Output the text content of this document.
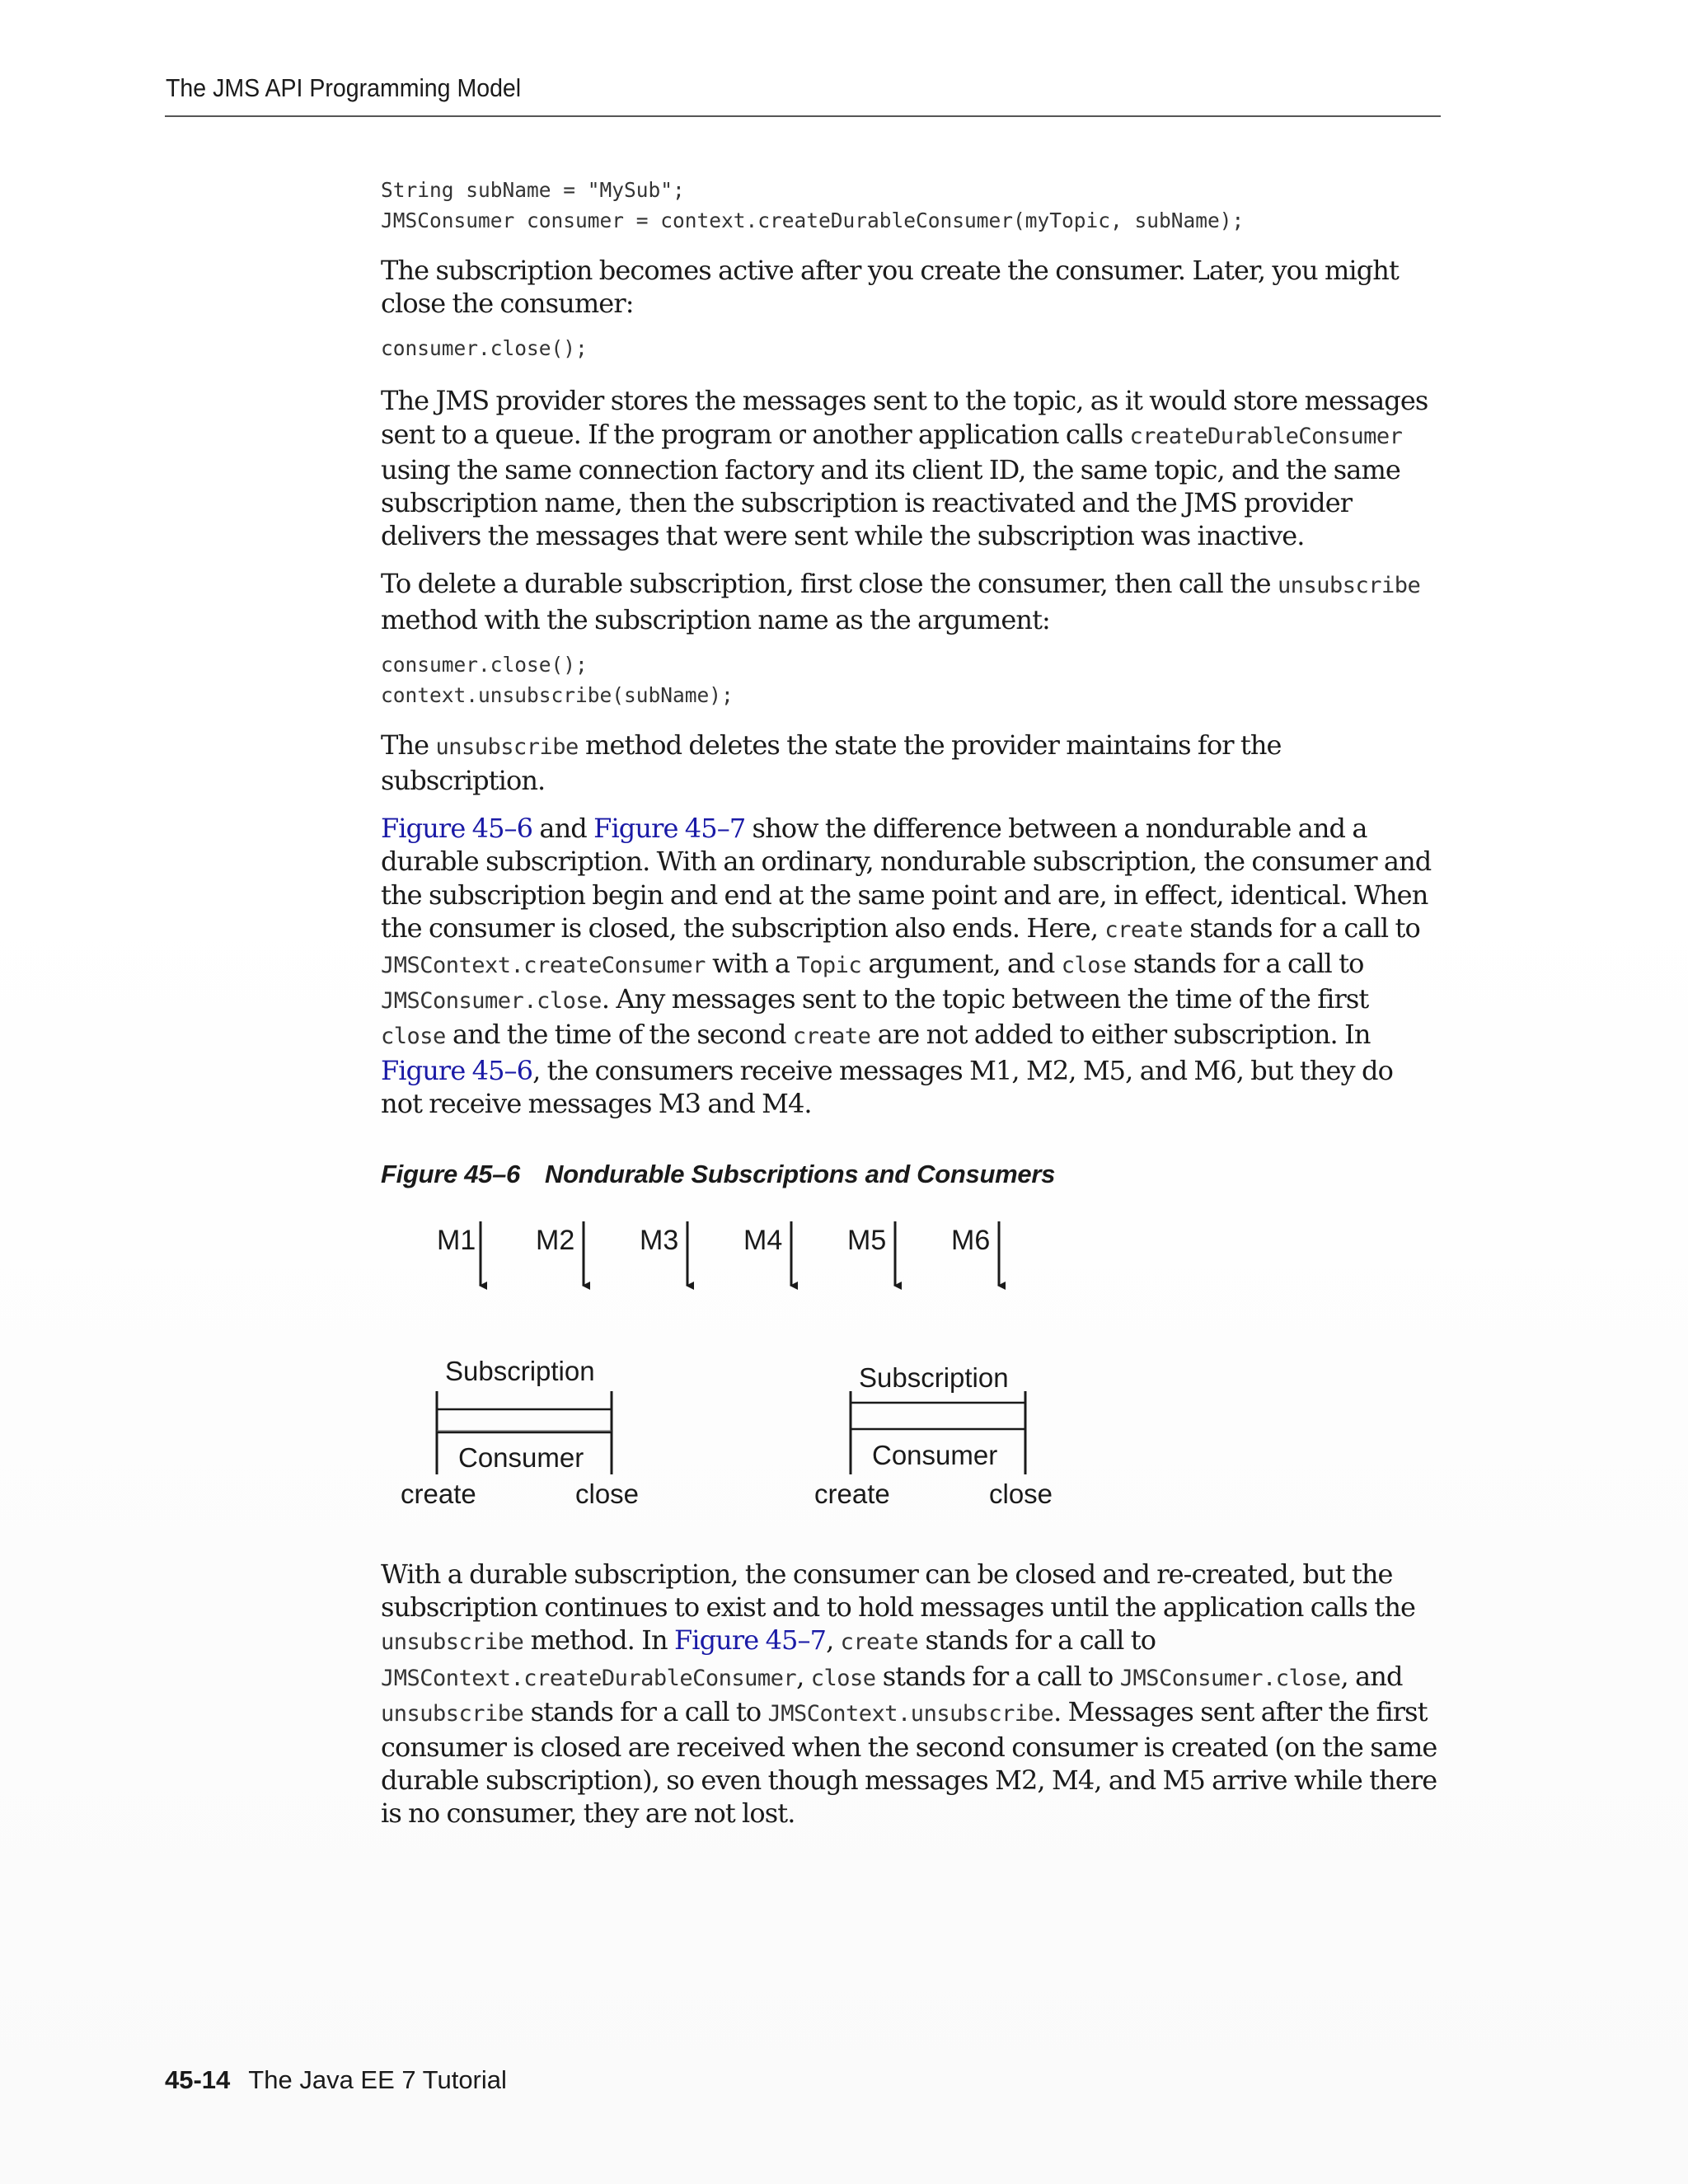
The JMS API Programming Model
String subName = "MySub";
JMSConsumer consumer = context.createDurableConsumer(myTopic, subName);

The subscription becomes active after you create the consumer. Later, you might close the consumer:

consumer.close();

The JMS provider stores the messages sent to the topic, as it would store messages sent to a queue. If the program or another application calls createDurableConsumer using the same connection factory and its client ID, the same topic, and the same subscription name, then the subscription is reactivated and the JMS provider delivers the messages that were sent while the subscription was inactive.

To delete a durable subscription, first close the consumer, then call the unsubscribe method with the subscription name as the argument:

consumer.close();
context.unsubscribe(subName);

The unsubscribe method deletes the state the provider maintains for the subscription.

Figure 45–6 and Figure 45–7 show the difference between a nondurable and a durable subscription. With an ordinary, nondurable subscription, the consumer and the subscription begin and end at the same point and are, in effect, identical. When the consumer is closed, the subscription also ends. Here, create stands for a call to JMSContext.createConsumer with a Topic argument, and close stands for a call to JMSConsumer.close. Any messages sent to the topic between the time of the first close and the time of the second create are not added to either subscription. In Figure 45–6, the consumers receive messages M1, M2, M5, and M6, but they do not receive messages M3 and M4.

Figure 45–6 Nondurable Subscriptions and Consumers

M1 M2 M3 M4 M5 M6
Subscription
Consumer
create	close
Subscription
Consumer
create	close

With a durable subscription, the consumer can be closed and re-created, but the subscription continues to exist and to hold messages until the application calls the unsubscribe method. In Figure 45–7, create stands for a call to JMSContext.createDurableConsumer, close stands for a call to JMSConsumer.close, and unsubscribe stands for a call to JMSContext.unsubscribe. Messages sent after the first consumer is closed are received when the second consumer is created (on the same durable subscription), so even though messages M2, M4, and M5 arrive while there is no consumer, they are not lost.

45-14 The Java EE 7 Tutorial
